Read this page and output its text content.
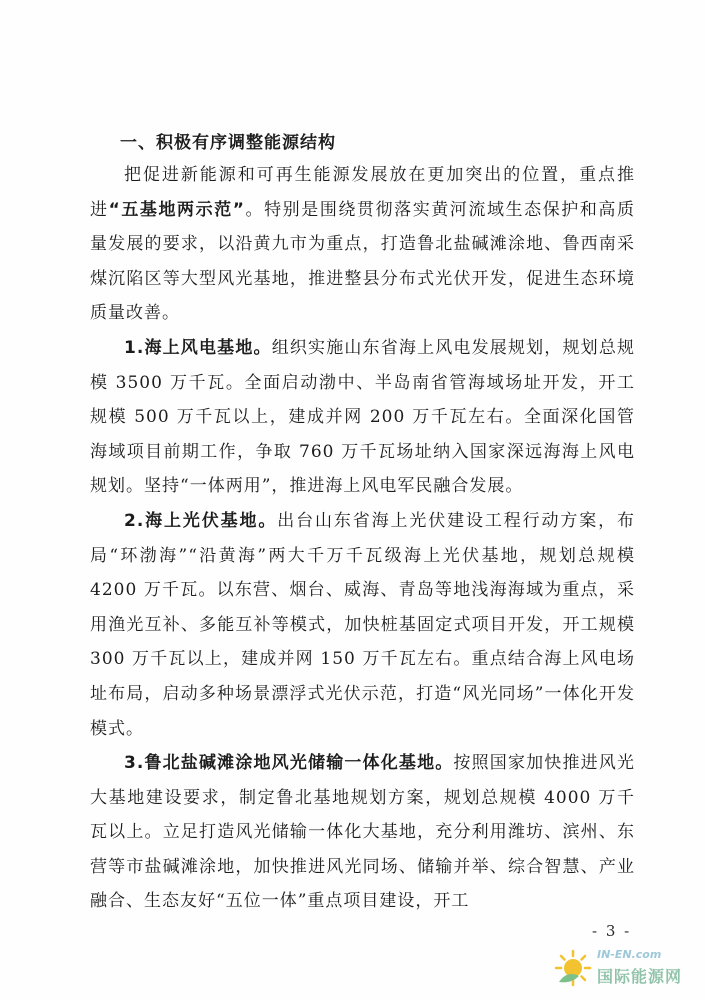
一、积极有序调整能源结构

把促进新能源和可再生能源发展放在更加突出的位置，重点推进“五基地两示范”。特别是围绕贯彻落实黄河流域生态保护和高质量发展的要求，以沿黄九市为重点，打造鲁北盐碱滩涂地、鲁西南采煤沉陷区等大型风光基地，推进整县分布式光伏开发，促进生态环境质量改善。

1.海上风电基地。组织实施山东省海上风电发展规划，规划总规模 3500 万千瓦。全面启动渤中、半岛南省管海域场址开发，开工规模 500 万千瓦以上，建成并网 200 万千瓦左右。全面深化国管海域项目前期工作，争取 760 万千瓦场址纳入国家深远海海上风电规划。坚持“一体两用”，推进海上风电军民融合发展。

2.海上光伏基地。出台山东省海上光伏建设工程行动方案，布局“环渤海”“沿黄海”两大千万千瓦级海上光伏基地，规划总规模 4200 万千瓦。以东营、烟台、威海、青岛等地浅海海域为重点，采用渔光互补、多能互补等模式，加快桩基固定式项目开发，开工规模 300 万千瓦以上，建成并网 150 万千瓦左右。重点结合海上风电场址布局，启动多种场景漂浮式光伏示范，打造“风光同场”一体化开发模式。

3.鲁北盐碱滩涂地风光储输一体化基地。按照国家加快推进风光大基地建设要求，制定鲁北基地规划方案，规划总规模 4000 万千瓦以上。立足打造风光储输一体化大基地，充分利用潍坊、滨州、东营等市盐碱滩涂地，加快推进风光同场、储输并举、综合智慧、产业融合、生态友好“五位一体”重点项目建设，开工

- 3 -
IN-EN.com
国际能源网
